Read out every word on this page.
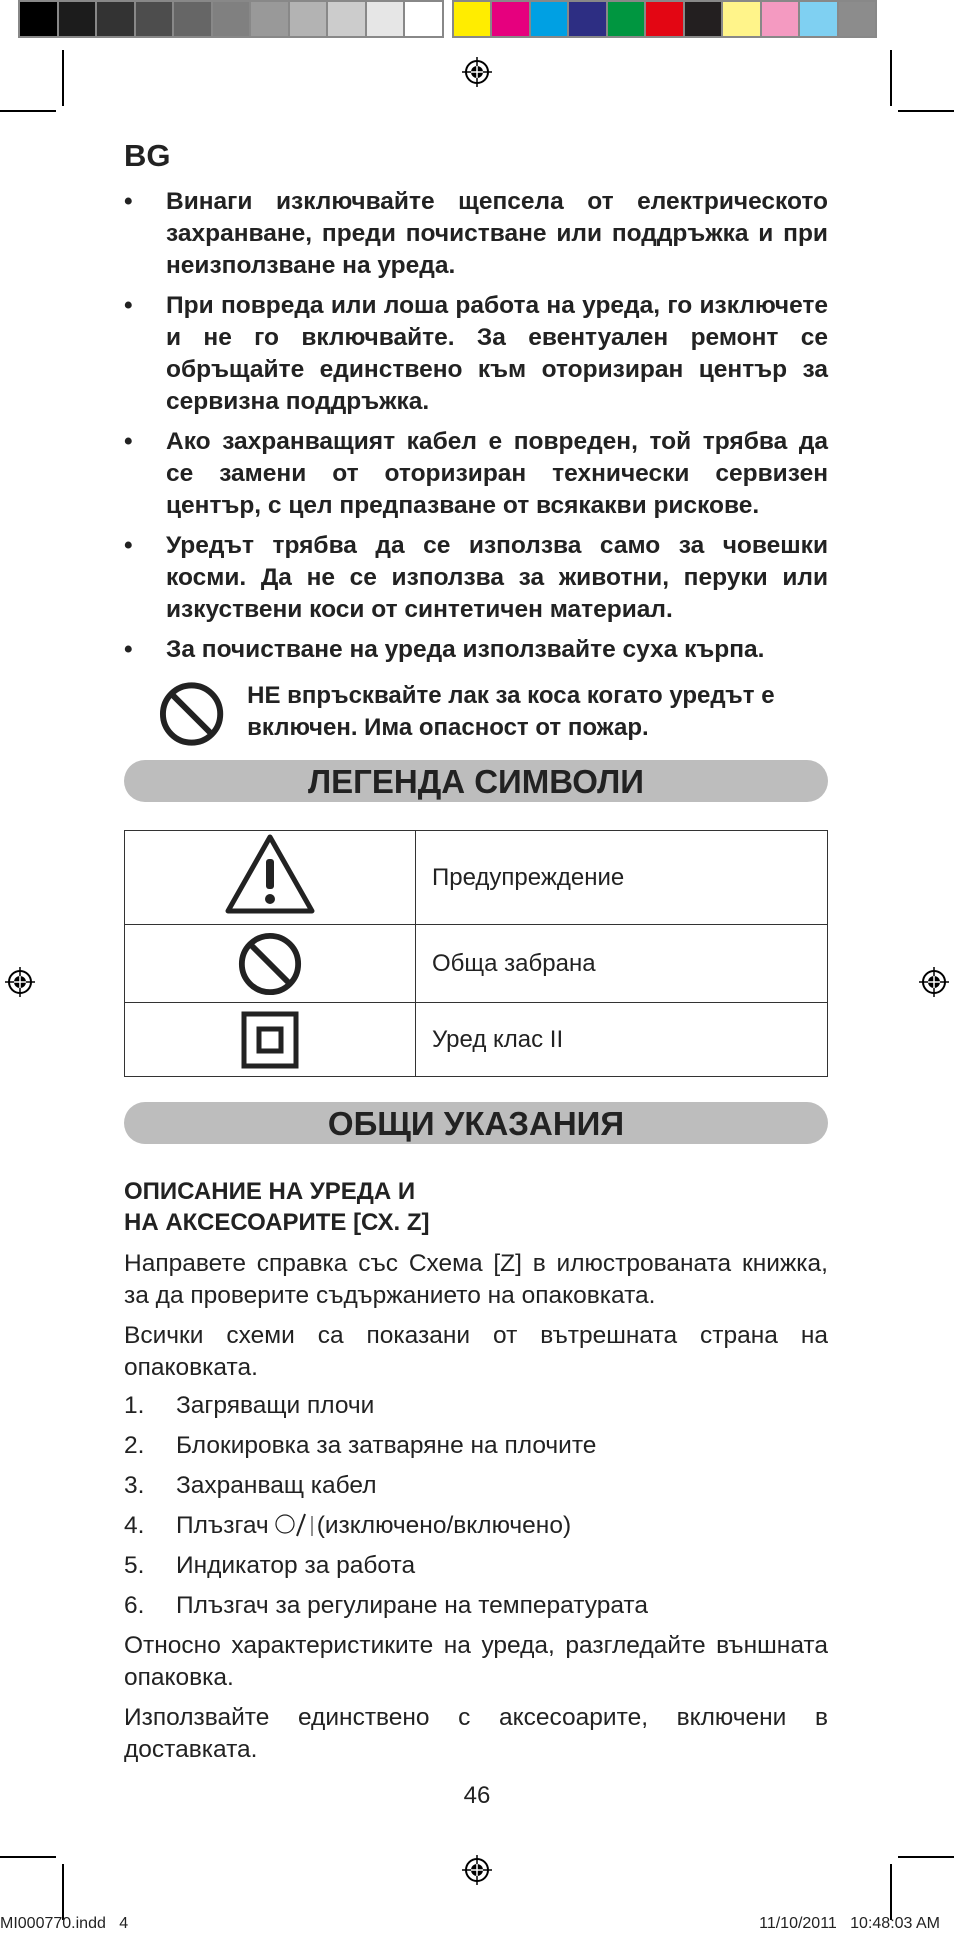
BG
• Винаги изключвайте щепсела от електрическото захранване, преди почистване или поддръжка и при неизползване на уреда.
• При повреда или лоша работа на уреда, го изключете и не го включвайте. За евентуален ремонт се обръщайте единствено към оторизиран център за сервизна поддръжка.
• Ако захранващият кабел е повреден, той трябва да се замени от оторизиран технически сервизен център, с цел предпазване от всякакви рискове.
• Уредът трябва да се използва само за човешки косми. Да не се използва за животни, перуки или изкуствени коси от синтетичен материал.
• За почистване на уреда използвайте суха кърпа.
НЕ впръсквайте лак за коса когато уредът е включен. Има опасност от пожар.
ЛЕГЕНДА СИМВОЛИ
	Предупреждение
	Обща забрана
	Уред клас II
ОБЩИ УКАЗАНИЯ
ОПИСАНИЕ НА УРЕДА И
НА АКСЕСОАРИТЕ [СХ. Z]

Направете справка със Схема [Z] в илюстрованата книжка, за да проверите съдържанието на опаковката.

Всички схеми са показани от вътрешната страна на опаковката.

1.	Загряващи плочи
2.	Блокировка за затваряне на плочите
3.	Захранващ кабел
4.	Плъзгач (изключено/включено)
5.	Индикатор за работа
6.	Плъзгач за регулиране на температурата

Относно характеристиките на уреда, разгледайте външната опаковка.

Използвайте единствено с аксесоарите, включени в доставката.

46
MI000770.indd   4	11/10/2011   10:48:03 AM
